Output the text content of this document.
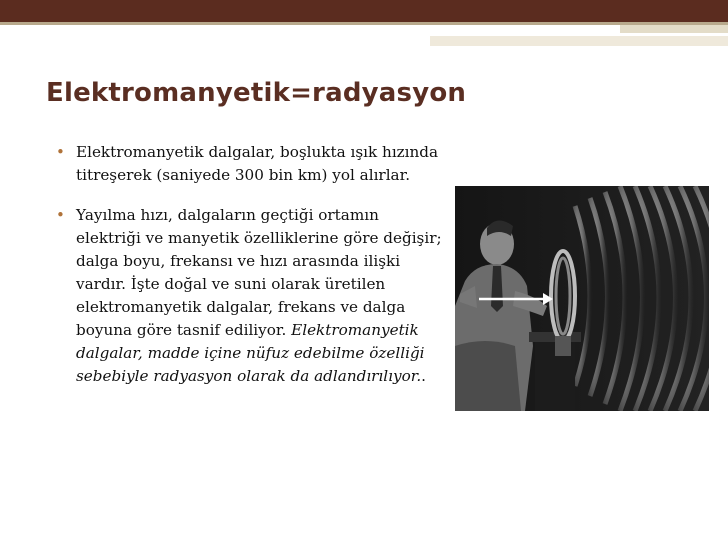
Elektromanyetik=radyasyon

• Elektromanyetik dalgalar, boşlukta ışık hızında titreşerek (saniyede 300 bin km) yol alırlar.

• Yayılma hızı, dalgaların geçtiği ortamın elektriği ve manyetik özelliklerine göre değişir; dalga boyu, frekansı ve hızı arasında ilişki vardır. İşte doğal ve suni olarak üretilen elektromanyetik dalgalar, frekans ve dalga boyuna göre tasnif ediliyor. Elektromanyetik dalgalar, madde içine nüfuz edebilme özelliği sebebiyle radyasyon olarak da adlandırılıyor..
